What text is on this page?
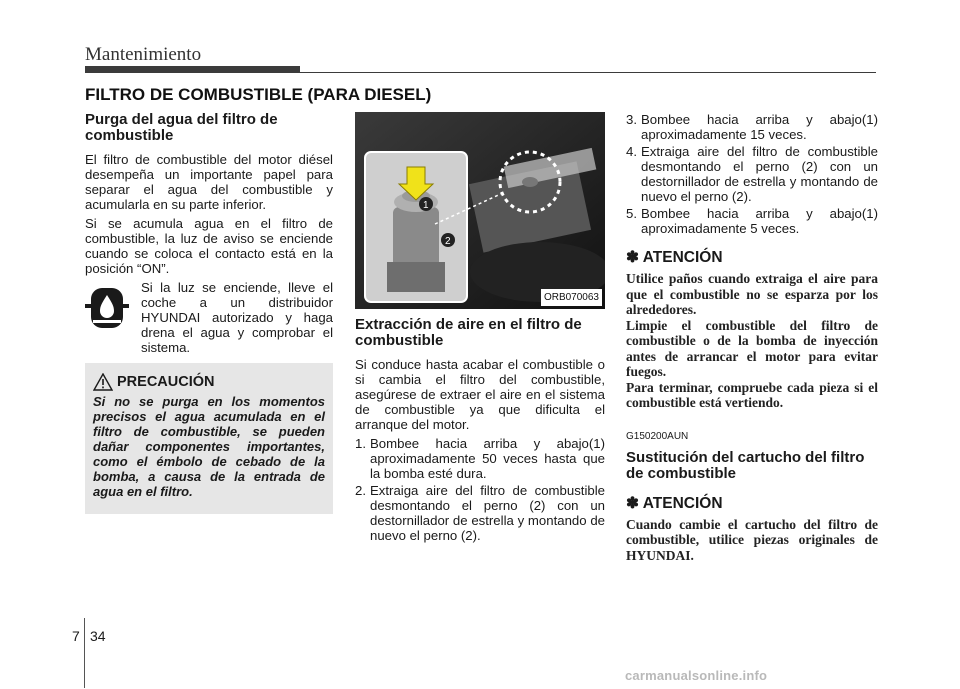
Mantenimiento
FILTRO DE COMBUSTIBLE (PARA DIESEL)
Purga del agua del filtro de combustible

El filtro de combustible del motor diésel desempeña un importante papel para separar el agua del combustible y acumularla en su parte inferior.

Si se acumula agua en el filtro de combustible, la luz de aviso se enciende cuando se coloca el contacto está en la posición “ON”.

Si la luz se enciende, lleve el coche a un distribuidor HYUNDAI autorizado y haga drena el agua y comprobar el sistema.
PRECAUCIÓN
Si no se purga en los momentos precisos el agua acumulada en el filtro de combustible, se pueden dañar componentes importantes, como el émbolo de cebado de la bomba, a causa de la entrada de agua en el filtro.
1
2
ORB070063
Extracción de aire en el filtro de combustible

Si conduce hasta acabar el combustible o si cambia el filtro del combustible, asegúrese de extraer el aire en el sistema de combustible ya que dificulta el arranque del motor.

1. Bombee hacia arriba y abajo(1) aproximadamente 50 veces hasta que la bomba esté dura.
2. Extraiga aire del filtro de combustible desmontando el perno (2) con un destornillador de estrella y montando de nuevo el perno (2).
3. Bombee hacia arriba y abajo(1) aproximadamente 15 veces.
4. Extraiga aire del filtro de combustible desmontando el perno (2) con un destornillador de estrella y montando de nuevo el perno (2).
5. Bombee hacia arriba y abajo(1) aproximadamente 5 veces.
✽ ATENCIÓN

Utilice paños cuando extraiga el aire para que el combustible no se esparza por los alrededores.

Limpie el combustible del filtro de combustible o de la bomba de inyección antes de arrancar el motor para evitar fuegos.

Para terminar, compruebe cada pieza si el combustible está vertiendo.

G150200AUN
Sustitución del cartucho del filtro de combustible
✽ ATENCIÓN

Cuando cambie el cartucho del filtro de combustible, utilice piezas originales de HYUNDAI.

7 34
carmanualsonline.info
